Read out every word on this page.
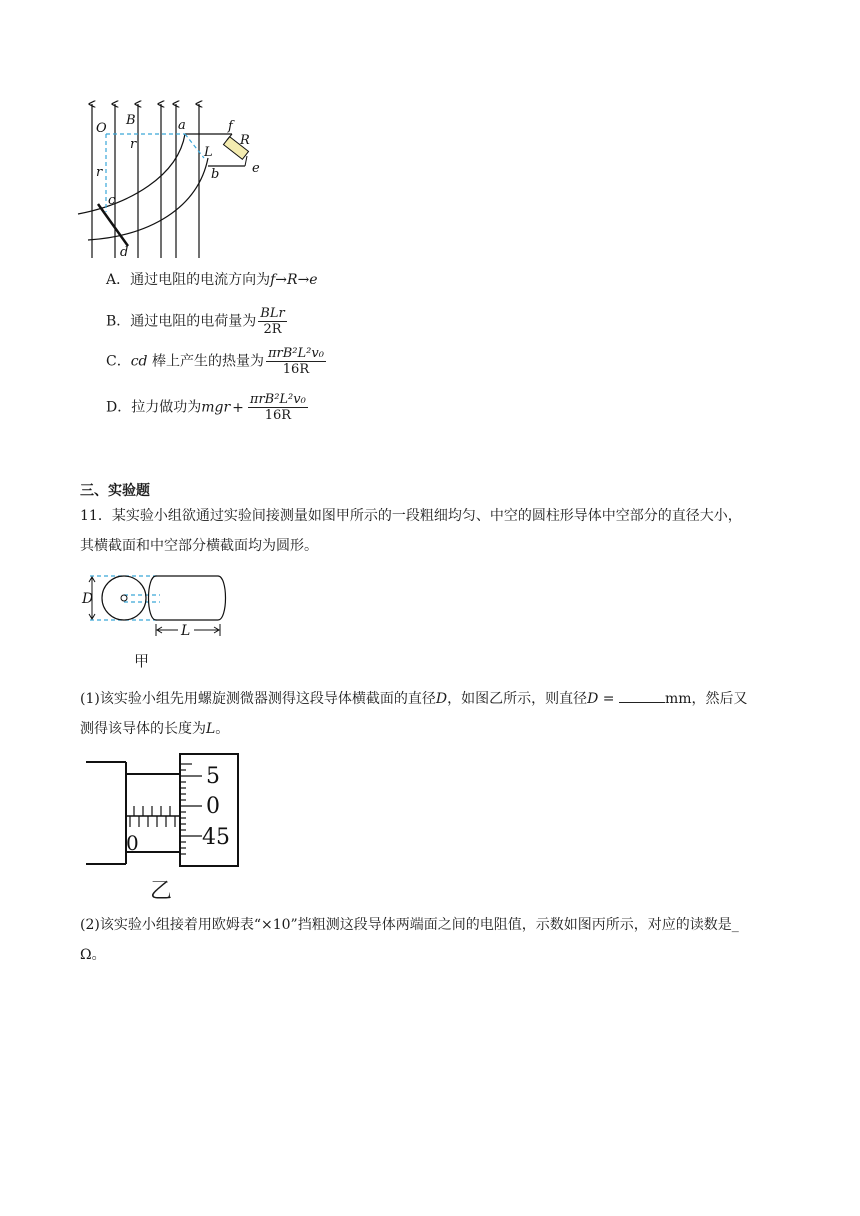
O
B
r
r
a
b
c
d
e
f
R
L
A．通过电阻的电流方向为f→R→e
B．通过电阻的电荷量为 $\frac{\text{BLr}}{2R}$
C．cd 棒上产生的热量为 $\frac{\text{πrB²L²v₀}}{16R}$
D．拉力做功为mgr + $\frac{\text{πrB²L²v₀}}{16R}$
三、实验题
11．某实验小组欲通过实验间接测量如图甲所示的一段粗细均匀、中空的圆柱形导体中空部分的直径大小，
其横截面和中空部分横截面均为圆形。
D
L
甲
(1)该实验小组先用螺旋测微器测得这段导体横截面的直径D，如图乙所示，则直径D =	mm，然后又
测得该导体的长度为L。
0
5
0
45
乙
(2)该实验小组接着用欧姆表“×10”挡粗测这段导体两端面之间的电阻值，示数如图丙所示，对应的读数是_
Ω。
